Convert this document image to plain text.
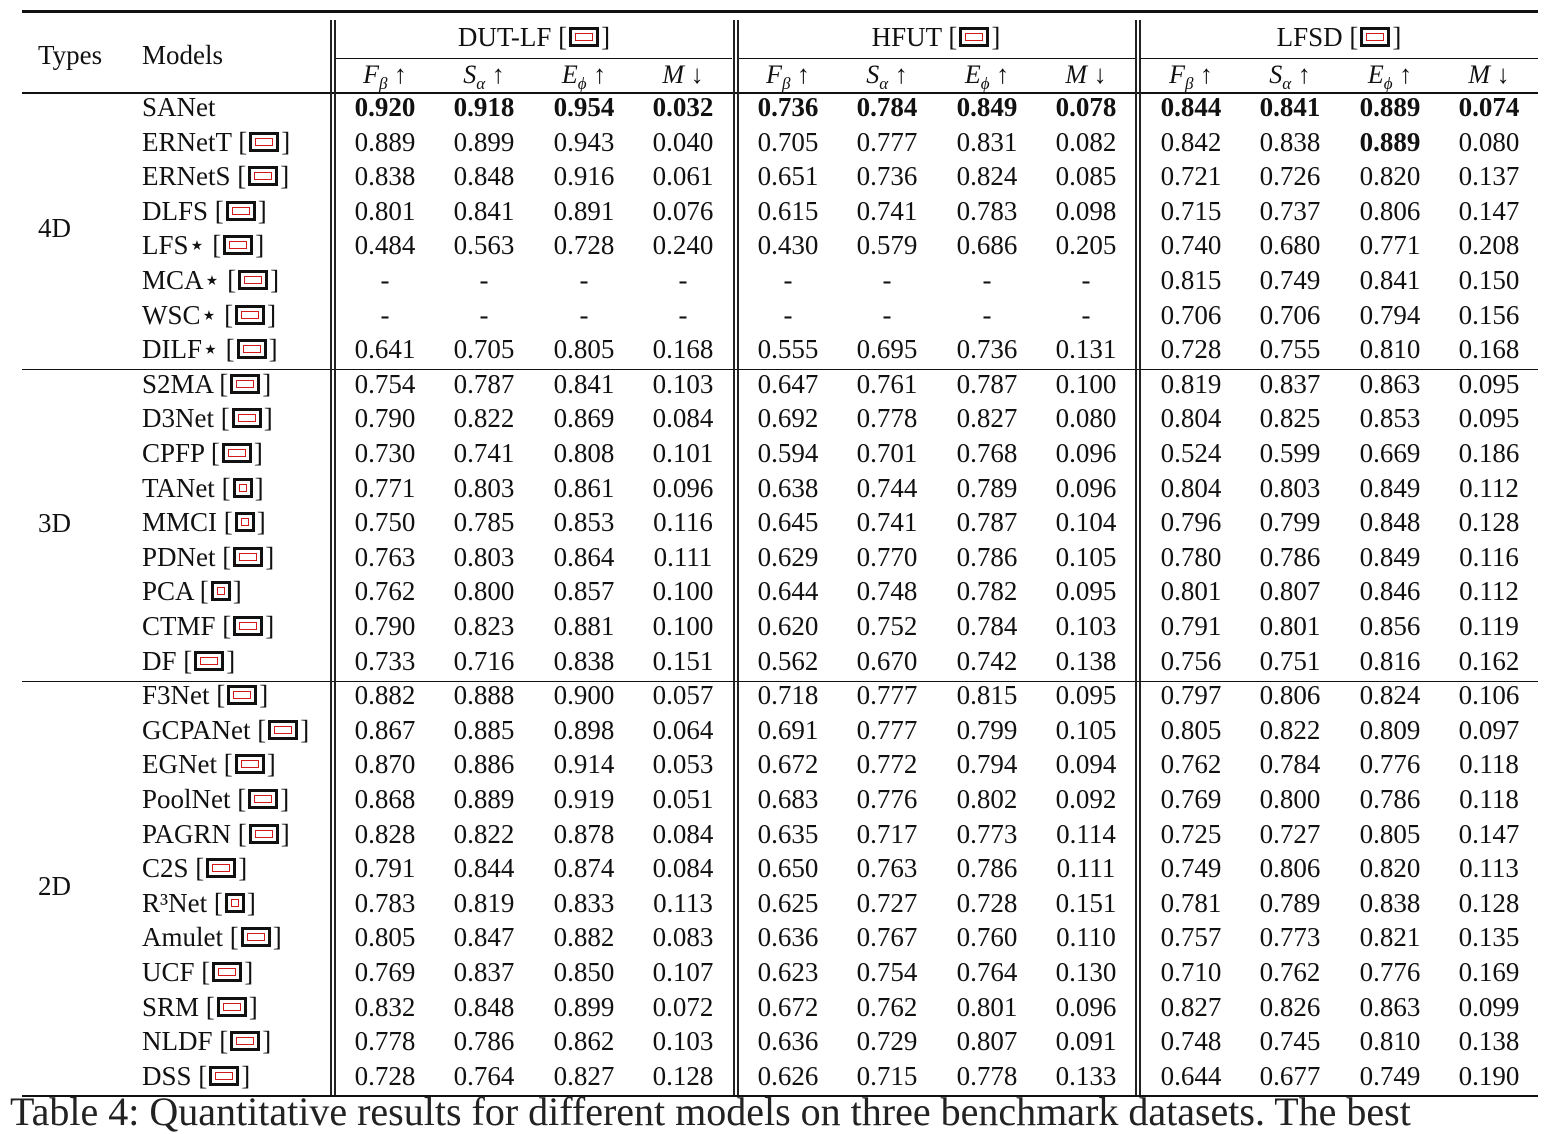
Types Models
DUT-LF [ ]	HFUT [ ]	LFSD [ ]
$F_\beta$ ↑	$S_\alpha$ ↑	$E_\phi$ ↑	M ↓	$F_\beta$ ↑	$S_\alpha$ ↑	$E_\phi$ ↑	M ↓	$F_\beta$ ↑	$S_\alpha$ ↑	$E_\phi$ ↑	M ↓
SANet	0.920	0.918	0.954	0.032	0.736	0.784	0.849	0.078	0.844	0.841	0.889	0.074
ERNetT [ ]	0.889	0.899	0.943	0.040	0.705	0.777	0.831	0.082	0.842	0.838	0.889	0.080
ERNetS [ ]	0.838	0.848	0.916	0.061	0.651	0.736	0.824	0.085	0.721	0.726	0.820	0.137
DLFS [ ]	0.801	0.841	0.891	0.076	0.615	0.741	0.783	0.098	0.715	0.737	0.806	0.147
LFS⋆ [ ]	0.484	0.563	0.728	0.240	0.430	0.579	0.686	0.205	0.740	0.680	0.771	0.208
MCA⋆ [ ]	-	-	-	-	-	-	-	-	0.815	0.749	0.841	0.150
WSC⋆ [ ]	-	-	-	-	-	-	-	-	0.706	0.706	0.794	0.156
DILF⋆ [ ]	0.641	0.705	0.805	0.168	0.555	0.695	0.736	0.131	0.728	0.755	0.810	0.168
4D
S2MA [ ]	0.754	0.787	0.841	0.103	0.647	0.761	0.787	0.100	0.819	0.837	0.863	0.095
D3Net [ ]	0.790	0.822	0.869	0.084	0.692	0.778	0.827	0.080	0.804	0.825	0.853	0.095
CPFP [ ]	0.730	0.741	0.808	0.101	0.594	0.701	0.768	0.096	0.524	0.599	0.669	0.186
TANet [ ]	0.771	0.803	0.861	0.096	0.638	0.744	0.789	0.096	0.804	0.803	0.849	0.112
MMCI [ ]	0.750	0.785	0.853	0.116	0.645	0.741	0.787	0.104	0.796	0.799	0.848	0.128
PDNet [ ]	0.763	0.803	0.864	0.111	0.629	0.770	0.786	0.105	0.780	0.786	0.849	0.116
PCA [ ]	0.762	0.800	0.857	0.100	0.644	0.748	0.782	0.095	0.801	0.807	0.846	0.112
CTMF [ ]	0.790	0.823	0.881	0.100	0.620	0.752	0.784	0.103	0.791	0.801	0.856	0.119
DF [ ]	0.733	0.716	0.838	0.151	0.562	0.670	0.742	0.138	0.756	0.751	0.816	0.162
3D
F3Net [ ]	0.882	0.888	0.900	0.057	0.718	0.777	0.815	0.095	0.797	0.806	0.824	0.106
GCPANet [ ]	0.867	0.885	0.898	0.064	0.691	0.777	0.799	0.105	0.805	0.822	0.809	0.097
EGNet [ ]	0.870	0.886	0.914	0.053	0.672	0.772	0.794	0.094	0.762	0.784	0.776	0.118
PoolNet [ ]	0.868	0.889	0.919	0.051	0.683	0.776	0.802	0.092	0.769	0.800	0.786	0.118
PAGRN [ ]	0.828	0.822	0.878	0.084	0.635	0.717	0.773	0.114	0.725	0.727	0.805	0.147
C2S [ ]	0.791	0.844	0.874	0.084	0.650	0.763	0.786	0.111	0.749	0.806	0.820	0.113
R³Net [ ]	0.783	0.819	0.833	0.113	0.625	0.727	0.728	0.151	0.781	0.789	0.838	0.128
Amulet [ ]	0.805	0.847	0.882	0.083	0.636	0.767	0.760	0.110	0.757	0.773	0.821	0.135
UCF [ ]	0.769	0.837	0.850	0.107	0.623	0.754	0.764	0.130	0.710	0.762	0.776	0.169
SRM [ ]	0.832	0.848	0.899	0.072	0.672	0.762	0.801	0.096	0.827	0.826	0.863	0.099
NLDF [ ]	0.778	0.786	0.862	0.103	0.636	0.729	0.807	0.091	0.748	0.745	0.810	0.138
DSS [ ]	0.728	0.764	0.827	0.128	0.626	0.715	0.778	0.133	0.644	0.677	0.749	0.190
2D
Table 4: Quantitative results for different models on three benchmark datasets. The best
